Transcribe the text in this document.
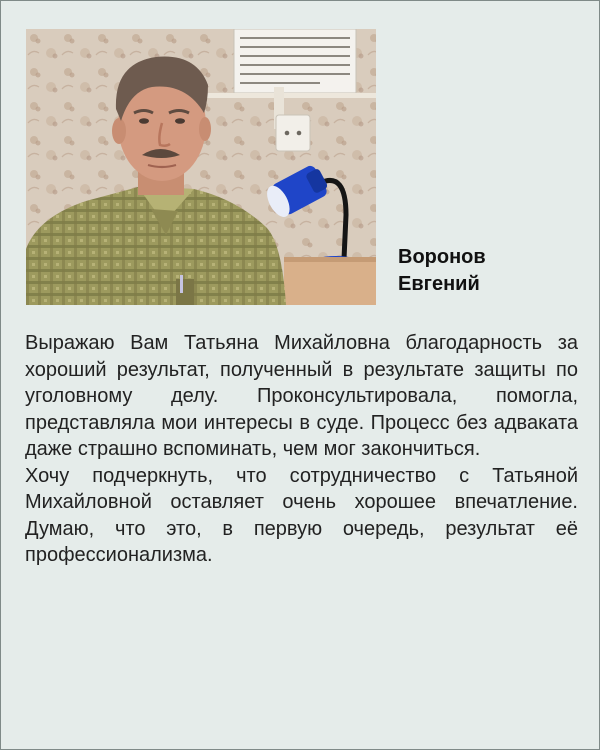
Воронов
Евгений

Выражаю Вам Татьяна Михайловна благодарность за хороший результат, полученный в результате защиты по уголовному делу. Проконсультировала, помогла, представляла мои интересы в суде. Процесс без адваката даже страшно вспоминать, чем мог закончиться.

Хочу подчеркнуть, что сотрудничество с Татьяной Михайловной оставляет очень хорошее впечатление. Думаю, что это, в первую очередь, результат её профессионализма.
